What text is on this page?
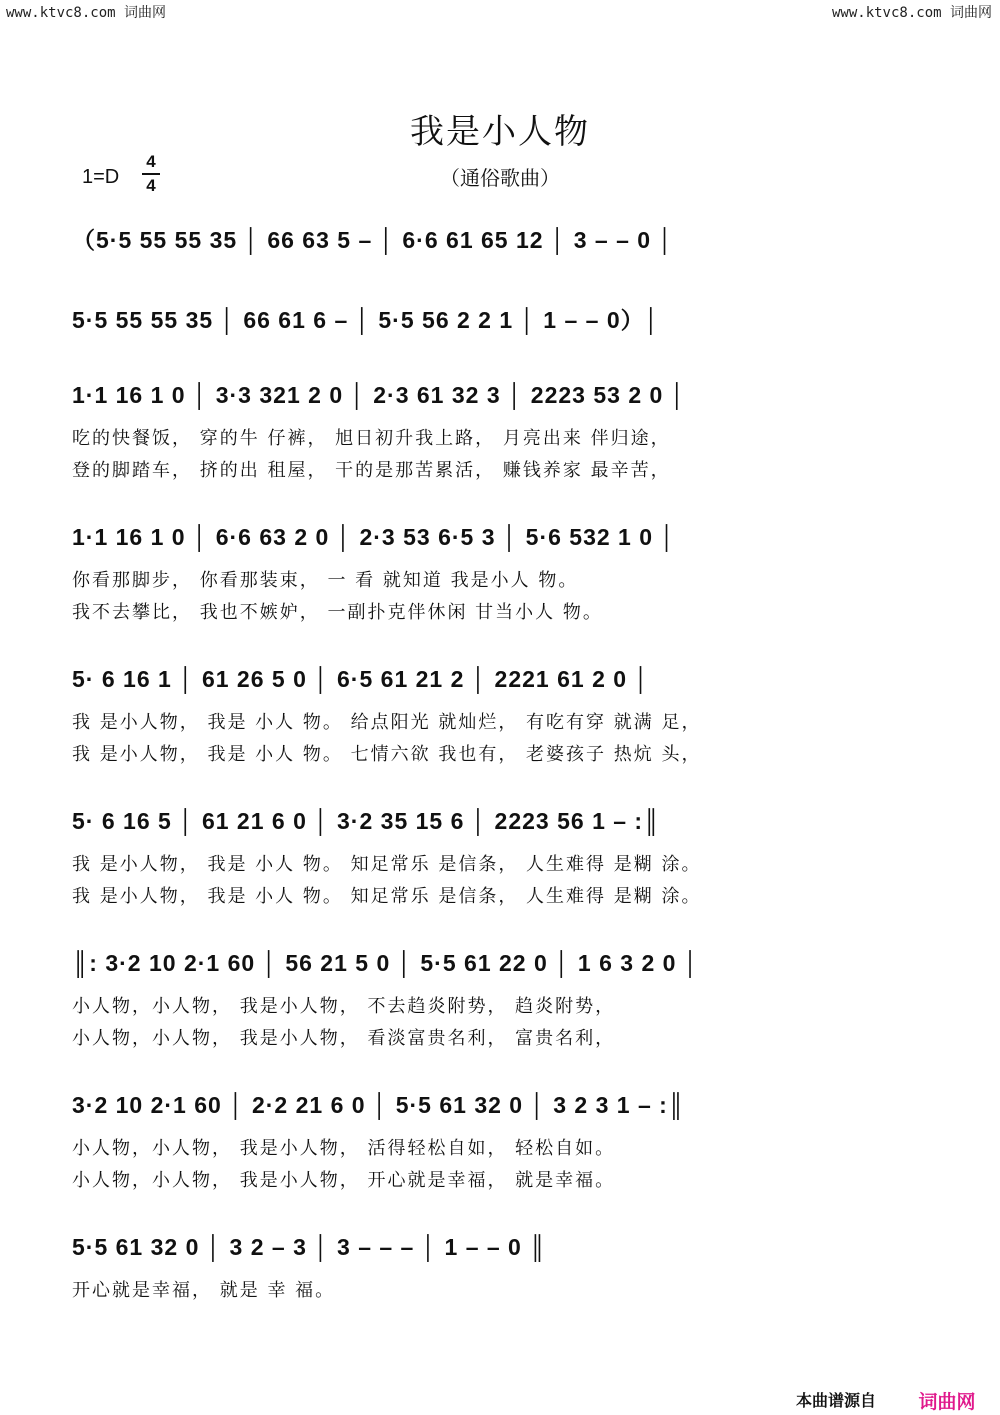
www.ktvc8.com 词曲网	www.ktvc8.com 词曲网
我是小人物
（通俗歌曲）
1=D
4
4
（5·5 55 55 35 │ 66 63 5 – │ 6·6 61 65 12 │ 3 – – 0 │
5·5 55 55 35 │ 66 61 6 – │ 5·5 56 2 2 1 │ 1 – – 0）│
1·1 16 1 0 │ 3·3 321 2 0 │ 2·3 61 32 3 │ 2223 53 2 0 │
吃的快餐饭， 穿的牛 仔裤， 旭日初升我上路， 月亮出来 伴归途，
登的脚踏车， 挤的出 租屋， 干的是那苦累活， 赚钱养家 最辛苦，
1·1 16 1 0 │ 6·6 63 2 0 │ 2·3 53 6·5 3 │ 5·6 532 1 0 │
你看那脚步， 你看那装束， 一 看 就知道 我是小人 物。
我不去攀比， 我也不嫉妒， 一副扑克伴休闲 甘当小人 物。
5· 6 16 1 │ 61 26 5 0 │ 6·5 61 21 2 │ 2221 61 2 0 │
我 是小人物， 我是 小人 物。 给点阳光 就灿烂， 有吃有穿 就满 足，
我 是小人物， 我是 小人 物。 七情六欲 我也有， 老婆孩子 热炕 头，
5· 6 16 5 │ 61 21 6 0 │ 3·2 35 15 6 │ 2223 56 1 – :║
我 是小人物， 我是 小人 物。 知足常乐 是信条， 人生难得 是糊 涂。
我 是小人物， 我是 小人 物。 知足常乐 是信条， 人生难得 是糊 涂。
║: 3·2 10 2·1 60 │ 56 21 5 0 │ 5·5 61 22 0 │ 1 6 3 2 0 │
小人物，小人物， 我是小人物， 不去趋炎附势， 趋炎附势，
小人物，小人物， 我是小人物， 看淡富贵名利， 富贵名利，
3·2 10 2·1 60 │ 2·2 21 6 0 │ 5·5 61 32 0 │ 3 2 3 1 – :║
小人物，小人物， 我是小人物， 活得轻松自如， 轻松自如。
小人物，小人物， 我是小人物， 开心就是幸福， 就是幸福。
5·5 61 32 0 │ 3 2 – 3 │ 3 – – – │ 1 – – 0 ║
开心就是幸福， 就是 幸 福。
本曲谱源自	词曲网
